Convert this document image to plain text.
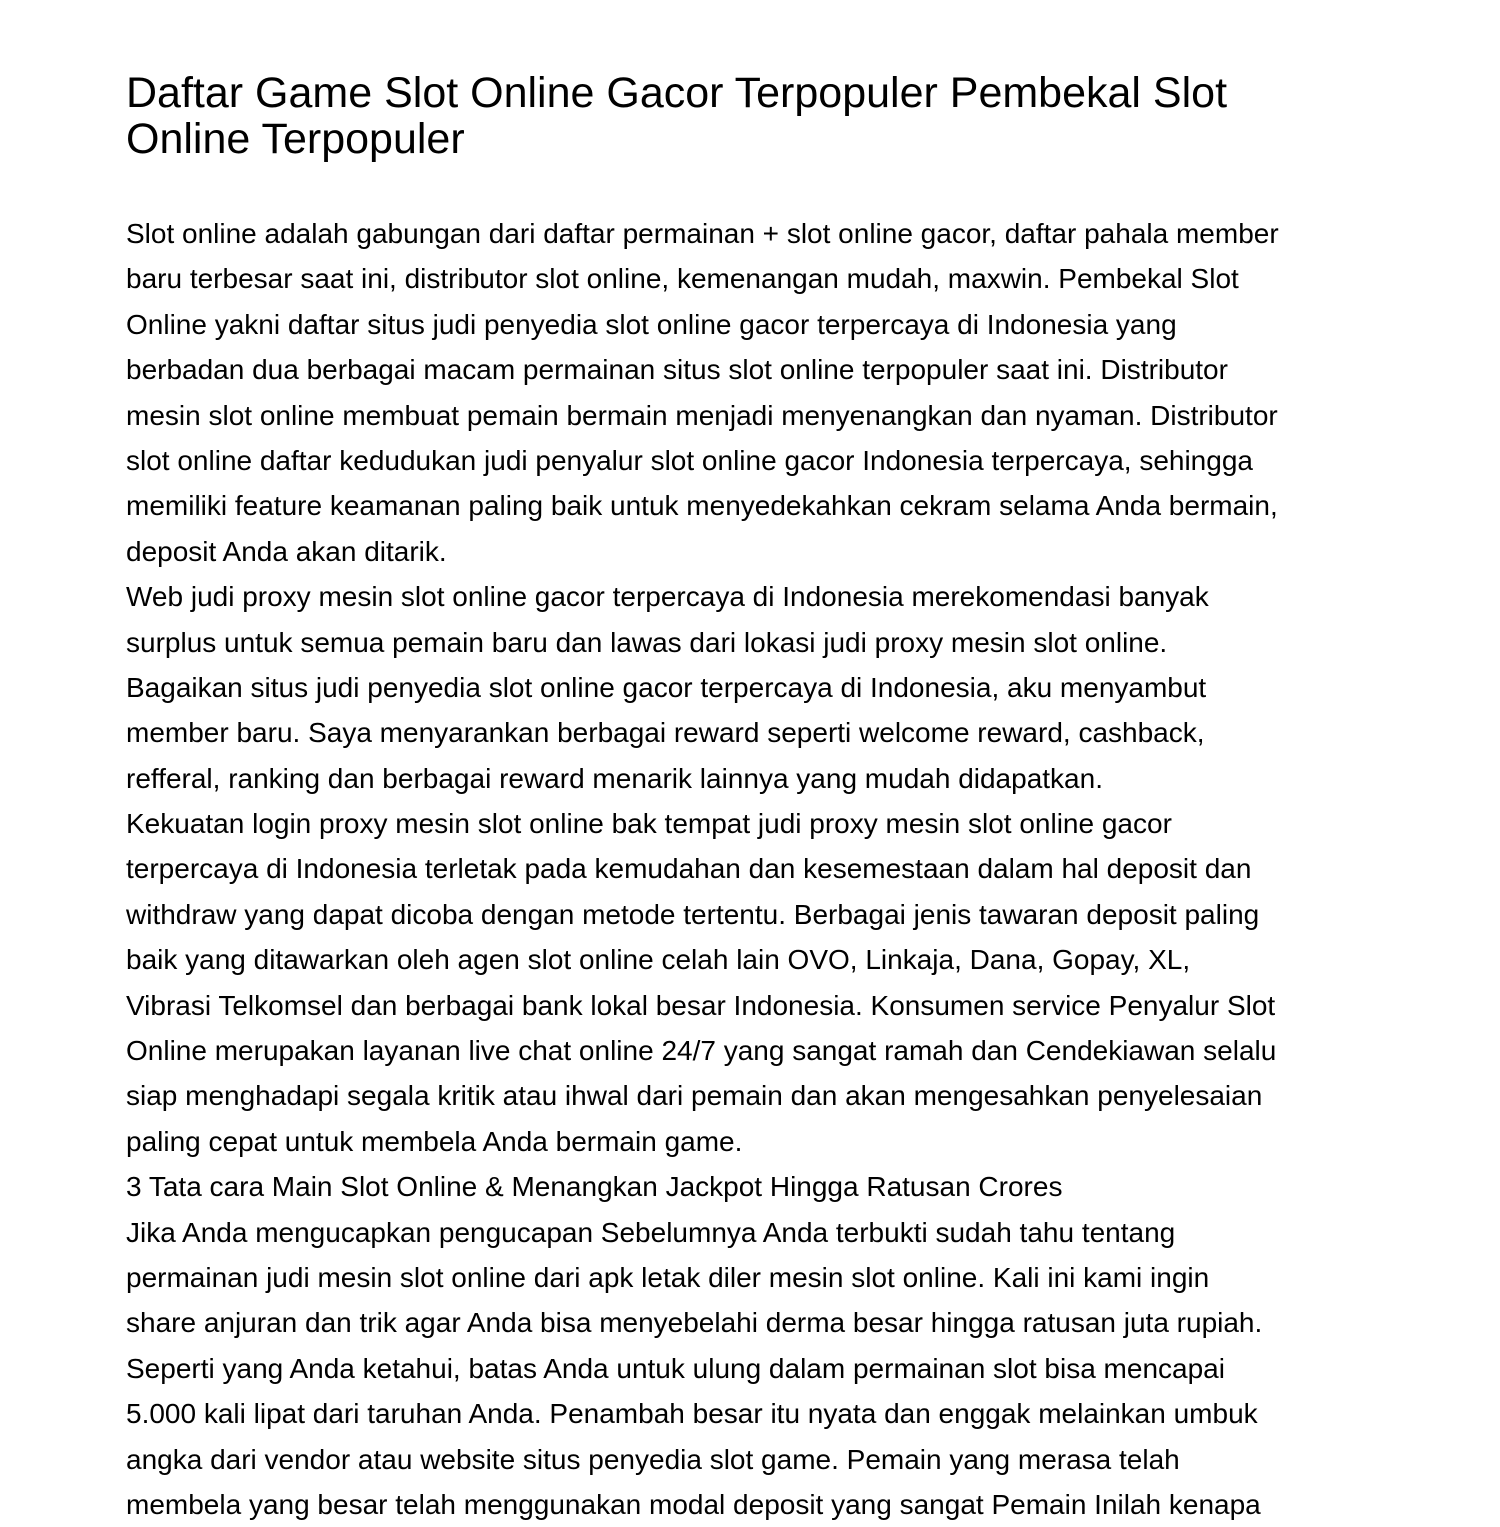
Daftar Game Slot Online Gacor Terpopuler Pembekal Slot
Online Terpopuler
Slot online adalah gabungan dari daftar permainan + slot online gacor, daftar pahala member
baru terbesar saat ini, distributor slot online, kemenangan mudah, maxwin. Pembekal Slot
Online yakni daftar situs judi penyedia slot online gacor terpercaya di Indonesia yang
berbadan dua berbagai macam permainan situs slot online terpopuler saat ini. Distributor
mesin slot online membuat pemain bermain menjadi menyenangkan dan nyaman. Distributor
slot online daftar kedudukan judi penyalur slot online gacor Indonesia terpercaya, sehingga
memiliki feature keamanan paling baik untuk menyedekahkan cekram selama Anda bermain,
deposit Anda akan ditarik.
Web judi proxy mesin slot online gacor terpercaya di Indonesia merekomendasi banyak
surplus untuk semua pemain baru dan lawas dari lokasi judi proxy mesin slot online.
Bagaikan situs judi penyedia slot online gacor terpercaya di Indonesia, aku menyambut
member baru. Saya menyarankan berbagai reward seperti welcome reward, cashback,
refferal, ranking dan berbagai reward menarik lainnya yang mudah didapatkan.
Kekuatan login proxy mesin slot online bak tempat judi proxy mesin slot online gacor
terpercaya di Indonesia terletak pada kemudahan dan kesemestaan dalam hal deposit dan
withdraw yang dapat dicoba dengan metode tertentu. Berbagai jenis tawaran deposit paling
baik yang ditawarkan oleh agen slot online celah lain OVO, Linkaja, Dana, Gopay, XL,
Vibrasi Telkomsel dan berbagai bank lokal besar Indonesia. Konsumen service Penyalur Slot
Online merupakan layanan live chat online 24/7 yang sangat ramah dan Cendekiawan selalu
siap menghadapi segala kritik atau ihwal dari pemain dan akan mengesahkan penyelesaian
paling cepat untuk membela Anda bermain game.
3 Tata cara Main Slot Online & Menangkan Jackpot Hingga Ratusan Crores
Jika Anda mengucapkan pengucapan Sebelumnya Anda terbukti sudah tahu tentang
permainan judi mesin slot online dari apk letak diler mesin slot online. Kali ini kami ingin
share anjuran dan trik agar Anda bisa menyebelahi derma besar hingga ratusan juta rupiah.
Seperti yang Anda ketahui, batas Anda untuk ulung dalam permainan slot bisa mencapai
5.000 kali lipat dari taruhan Anda. Penambah besar itu nyata dan enggak melainkan umbuk
angka dari vendor atau website situs penyedia slot game. Pemain yang merasa telah
membela yang besar telah menggunakan modal deposit yang sangat Pemain Inilah kenapa
